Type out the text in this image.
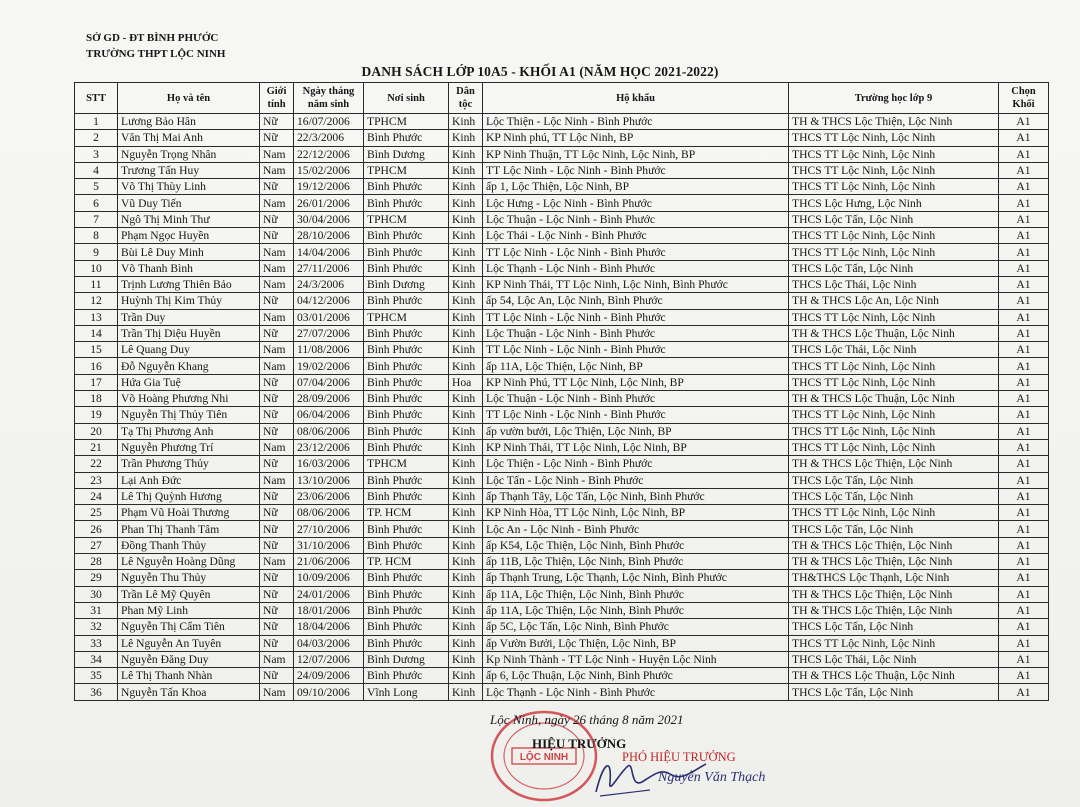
SỞ GD - ĐT BÌNH PHƯỚC
TRƯỜNG THPT LỘC NINH
DANH SÁCH LỚP 10A5 - KHỐI A1 (NĂM HỌC 2021-2022)
STT	Họ và tên	Giới tính	Ngày tháng năm sinh	Nơi sinh	Dân tộc	Hộ khẩu	Trường học lớp 9	Chọn Khối
1	Lương Bảo Hân	Nữ	16/07/2006	TPHCM	Kinh	Lộc Thiện - Lộc Ninh - Bình Phước	TH & THCS Lộc Thiện, Lộc Ninh	A1
2	Văn Thị Mai Anh	Nữ	22/3/2006	Bình Phước	Kinh	KP Ninh phú, TT Lộc Ninh, BP	THCS TT Lộc Ninh, Lộc Ninh	A1
3	Nguyễn Trọng Nhân	Nam	22/12/2006	Bình Dương	Kinh	KP Ninh Thuận, TT Lộc Ninh, Lộc Ninh, BP	THCS TT Lộc Ninh, Lộc Ninh	A1
4	Trương Tấn Huy	Nam	15/02/2006	TPHCM	Kinh	TT Lộc Ninh - Lộc Ninh - Bình Phước	THCS TT Lộc Ninh, Lộc Ninh	A1
5	Võ Thị Thùy Linh	Nữ	19/12/2006	Bình Phước	Kinh	ấp 1, Lộc Thiện, Lộc Ninh, BP	THCS TT Lộc Ninh, Lộc Ninh	A1
6	Vũ Duy Tiến	Nam	26/01/2006	Bình Phước	Kinh	Lộc Hưng - Lộc Ninh - Bình Phước	THCS Lộc Hưng, Lộc Ninh	A1
7	Ngô Thị Minh Thư	Nữ	30/04/2006	TPHCM	Kinh	Lộc Thuận - Lộc Ninh - Bình Phước	THCS Lộc Tấn, Lộc Ninh	A1
8	Phạm Ngọc Huyền	Nữ	28/10/2006	Bình Phước	Kinh	Lộc Thái - Lộc Ninh - Bình Phước	THCS TT Lộc Ninh, Lộc Ninh	A1
9	Bùi Lê Duy Minh	Nam	14/04/2006	Bình Phước	Kinh	TT Lộc Ninh - Lộc Ninh - Bình Phước	THCS TT Lộc Ninh, Lộc Ninh	A1
10	Võ Thanh Bình	Nam	27/11/2006	Bình Phước	Kinh	Lộc Thạnh - Lộc Ninh - Bình Phước	THCS Lộc Tấn, Lộc Ninh	A1
11	Trịnh Lương Thiên Bảo	Nam	24/3/2006	Bình Dương	Kinh	KP Ninh Thái, TT Lộc Ninh, Lộc Ninh, Bình Phước	THCS Lộc Thái, Lộc Ninh	A1
12	Huỳnh Thị Kim Thủy	Nữ	04/12/2006	Bình Phước	Kinh	ấp 54, Lộc An, Lộc Ninh, Bình Phước	TH & THCS Lộc An, Lộc Ninh	A1
13	Trần Duy	Nam	03/01/2006	TPHCM	Kinh	TT Lộc Ninh - Lộc Ninh - Bình Phước	THCS TT Lộc Ninh, Lộc Ninh	A1
14	Trần Thị Diệu Huyền	Nữ	27/07/2006	Bình Phước	Kinh	Lộc Thuận - Lộc Ninh - Bình Phước	TH & THCS Lộc Thuận, Lộc Ninh	A1
15	Lê Quang Duy	Nam	11/08/2006	Bình Phước	Kinh	TT Lộc Ninh - Lộc Ninh - Bình Phước	THCS Lộc Thái, Lộc Ninh	A1
16	Đỗ Nguyễn Khang	Nam	19/02/2006	Bình Phước	Kinh	ấp 11A, Lộc Thiện, Lộc Ninh, BP	THCS TT Lộc Ninh, Lộc Ninh	A1
17	Hứa Gia Tuệ	Nữ	07/04/2006	Bình Phước	Hoa	KP Ninh Phú, TT Lộc Ninh, Lộc Ninh, BP	THCS TT Lộc Ninh, Lộc Ninh	A1
18	Võ Hoàng Phương Nhi	Nữ	28/09/2006	Bình Phước	Kinh	Lộc Thuận - Lộc Ninh - Bình Phước	TH & THCS Lộc Thuận, Lộc Ninh	A1
19	Nguyễn Thị Thủy Tiên	Nữ	06/04/2006	Bình Phước	Kinh	TT Lộc Ninh - Lộc Ninh - Bình Phước	THCS TT Lộc Ninh, Lộc Ninh	A1
20	Tạ Thị Phương Anh	Nữ	08/06/2006	Bình Phước	Kinh	ấp vườn bưởi, Lộc Thiện, Lộc Ninh, BP	THCS TT Lộc Ninh, Lộc Ninh	A1
21	Nguyễn Phương Trí	Nam	23/12/2006	Bình Phước	Kinh	KP Ninh Thái, TT Lộc Ninh, Lộc Ninh, BP	THCS TT Lộc Ninh, Lộc Ninh	A1
22	Trần Phương Thủy	Nữ	16/03/2006	TPHCM	Kinh	Lộc Thiện - Lộc Ninh - Bình Phước	TH & THCS Lộc Thiện, Lộc Ninh	A1
23	Lại Anh Đức	Nam	13/10/2006	Bình Phước	Kinh	Lộc Tấn - Lộc Ninh - Bình Phước	THCS Lộc Tấn, Lộc Ninh	A1
24	Lê Thị Quỳnh Hương	Nữ	23/06/2006	Bình Phước	Kinh	ấp Thạnh Tây, Lộc Tấn, Lộc Ninh, Bình Phước	THCS Lộc Tấn, Lộc Ninh	A1
25	Phạm Vũ Hoài Thương	Nữ	08/06/2006	TP. HCM	Kinh	KP Ninh Hòa, TT Lộc Ninh, Lộc Ninh, BP	THCS TT Lộc Ninh, Lộc Ninh	A1
26	Phan Thị Thanh Tâm	Nữ	27/10/2006	Bình Phước	Kinh	Lộc An - Lộc Ninh - Bình Phước	THCS Lộc Tấn, Lộc Ninh	A1
27	Đồng Thanh Thủy	Nữ	31/10/2006	Bình Phước	Kinh	ấp K54, Lộc Thiện, Lộc Ninh, Bình Phước	TH & THCS Lộc Thiện, Lộc Ninh	A1
28	Lê Nguyễn Hoàng Dũng	Nam	21/06/2006	TP. HCM	Kinh	ấp 11B, Lộc Thiện, Lộc Ninh, Bình Phước	TH & THCS Lộc Thiện, Lộc Ninh	A1
29	Nguyễn Thu Thủy	Nữ	10/09/2006	Bình Phước	Kinh	ấp Thạnh Trung, Lộc Thạnh, Lộc Ninh, Bình Phước	TH&THCS Lộc Thạnh, Lộc Ninh	A1
30	Trần Lê Mỹ Quyên	Nữ	24/01/2006	Bình Phước	Kinh	ấp 11A, Lộc Thiện, Lộc Ninh, Bình Phước	TH & THCS Lộc Thiện, Lộc Ninh	A1
31	Phan Mỹ Linh	Nữ	18/01/2006	Bình Phước	Kinh	ấp 11A, Lộc Thiện, Lộc Ninh, Bình Phước	TH & THCS Lộc Thiện, Lộc Ninh	A1
32	Nguyễn Thị Cẩm Tiên	Nữ	18/04/2006	Bình Phước	Kinh	ấp 5C, Lộc Tấn, Lộc Ninh, Bình Phước	THCS Lộc Tấn, Lộc Ninh	A1
33	Lê Nguyễn An Tuyên	Nữ	04/03/2006	Bình Phước	Kinh	ấp Vườn Bưởi, Lộc Thiện, Lộc Ninh, BP	THCS TT Lộc Ninh, Lộc Ninh	A1
34	Nguyễn Đăng Duy	Nam	12/07/2006	Bình Dương	Kinh	Kp Ninh Thành - TT Lộc Ninh - Huyện Lộc Ninh	THCS Lộc Thái, Lộc Ninh	A1
35	Lê Thị Thanh Nhàn	Nữ	24/09/2006	Bình Phước	Kinh	ấp 6, Lộc Thuận, Lộc Ninh, Bình Phước	TH & THCS Lộc Thuận, Lộc Ninh	A1
36	Nguyễn Tấn Khoa	Nam	09/10/2006	Vĩnh Long	Kinh	Lộc Thạnh - Lộc Ninh - Bình Phước	THCS Lộc Tấn, Lộc Ninh	A1
LỘC NINH
Lộc Ninh, ngày 26 tháng 8 năm 2021
HIỆU TRƯỞNG
PHÓ HIỆU TRƯỞNG
Nguyễn Văn Thạch
